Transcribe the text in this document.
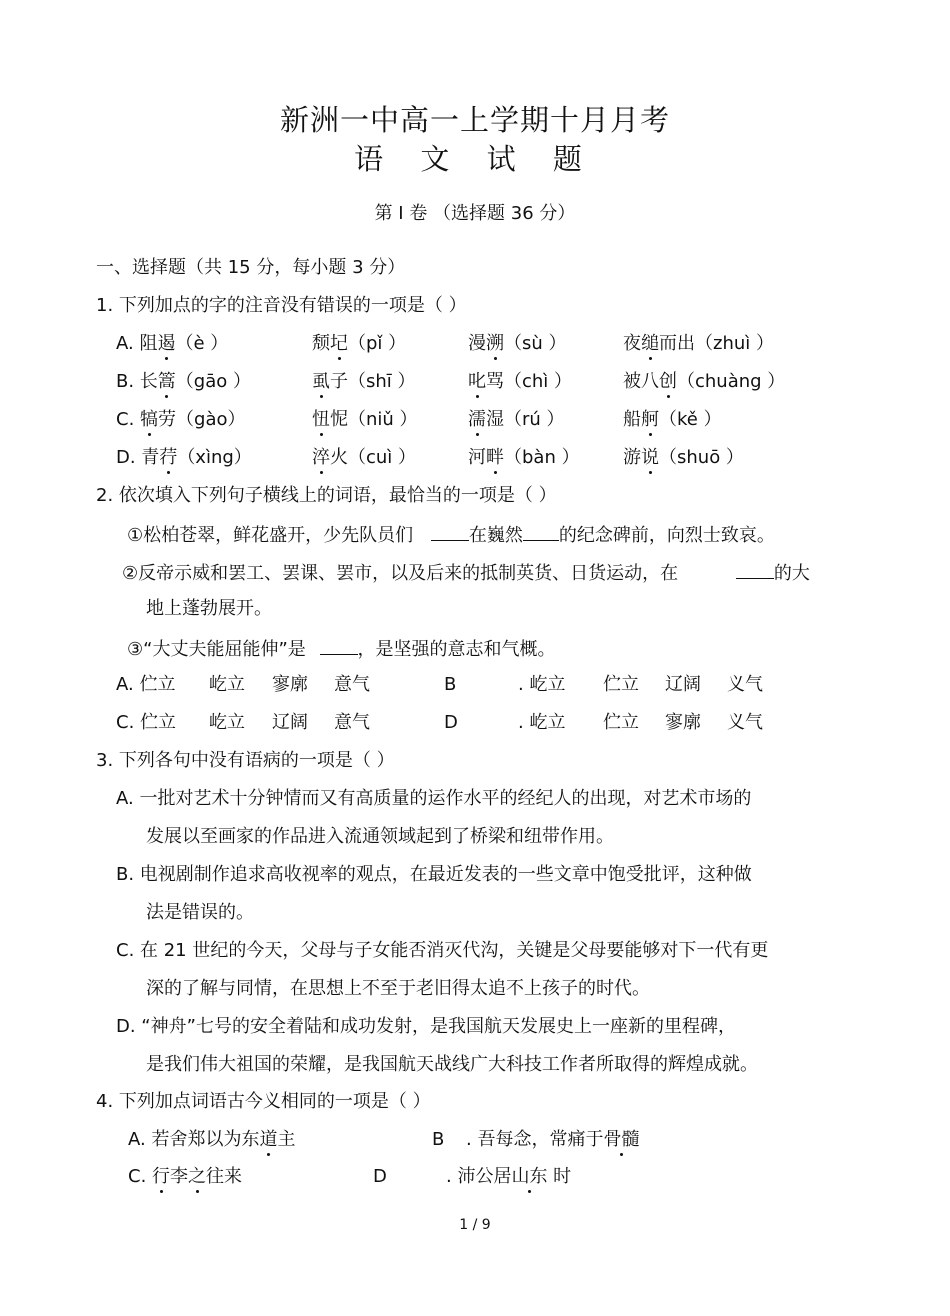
新洲一中高一上学期十月月考
语 文 试 题
第 I 卷 （选择题 36 分）
一、选择题（共 15 分，每小题 3 分）
1. 下列加点的字的注音没有错误的一项是（ ）
A. 阻遏（è ）	颓圮（pǐ ）	漫溯（sù ）	夜缒而出（zhuì ）
B. 长篙（gāo ）	虱子（shī ）	叱骂（chì ）	被八创（chuàng ）
C. 犒劳（gào）	忸怩（niǔ ）	濡湿（rú ）	船舸（kě ）
D. 青荇（xìng）	淬火（cuì ）	河畔（bàn ） 游说（shuō ）
2. 依次填入下列句子横线上的词语，最恰当的一项是（ ）
①松柏苍翠，鲜花盛开，少先队员们	在巍然 的纪念碑前，向烈士致哀。
②反帝示威和罢工、罢课、罢市，以及后来的抵制英货、日货运动，在	的大
地上蓬勃展开。
③“大丈夫能屈能伸”是	，是坚强的意志和气概。
A. 伫立 屹立 寥廓 意气	B	. 屹立 伫立 辽阔 义气
C. 伫立 屹立 辽阔 意气	D	. 屹立 伫立 寥廓 义气
3. 下列各句中没有语病的一项是（ ）
A. 一批对艺术十分钟情而又有高质量的运作水平的经纪人的出现，对艺术市场的
发展以至画家的作品进入流通领域起到了桥梁和纽带作用。
B. 电视剧制作追求高收视率的观点，在最近发表的一些文章中饱受批评，这种做
法是错误的。
C. 在 21 世纪的今天，父母与子女能否消灭代沟，关键是父母要能够对下一代有更
深的了解与同情，在思想上不至于老旧得太追不上孩子的时代。
D. “神舟”七号的安全着陆和成功发射，是我国航天发展史上一座新的里程碑，
是我们伟大祖国的荣耀，是我国航天战线广大科技工作者所取得的辉煌成就。
4. 下列加点词语古今义相同的一项是（ ）
A. 若舍郑以为东道主	B . 吾每念，常痛于骨髓
C. 行李之往来	D	. 沛公居山东 时
1 / 9
